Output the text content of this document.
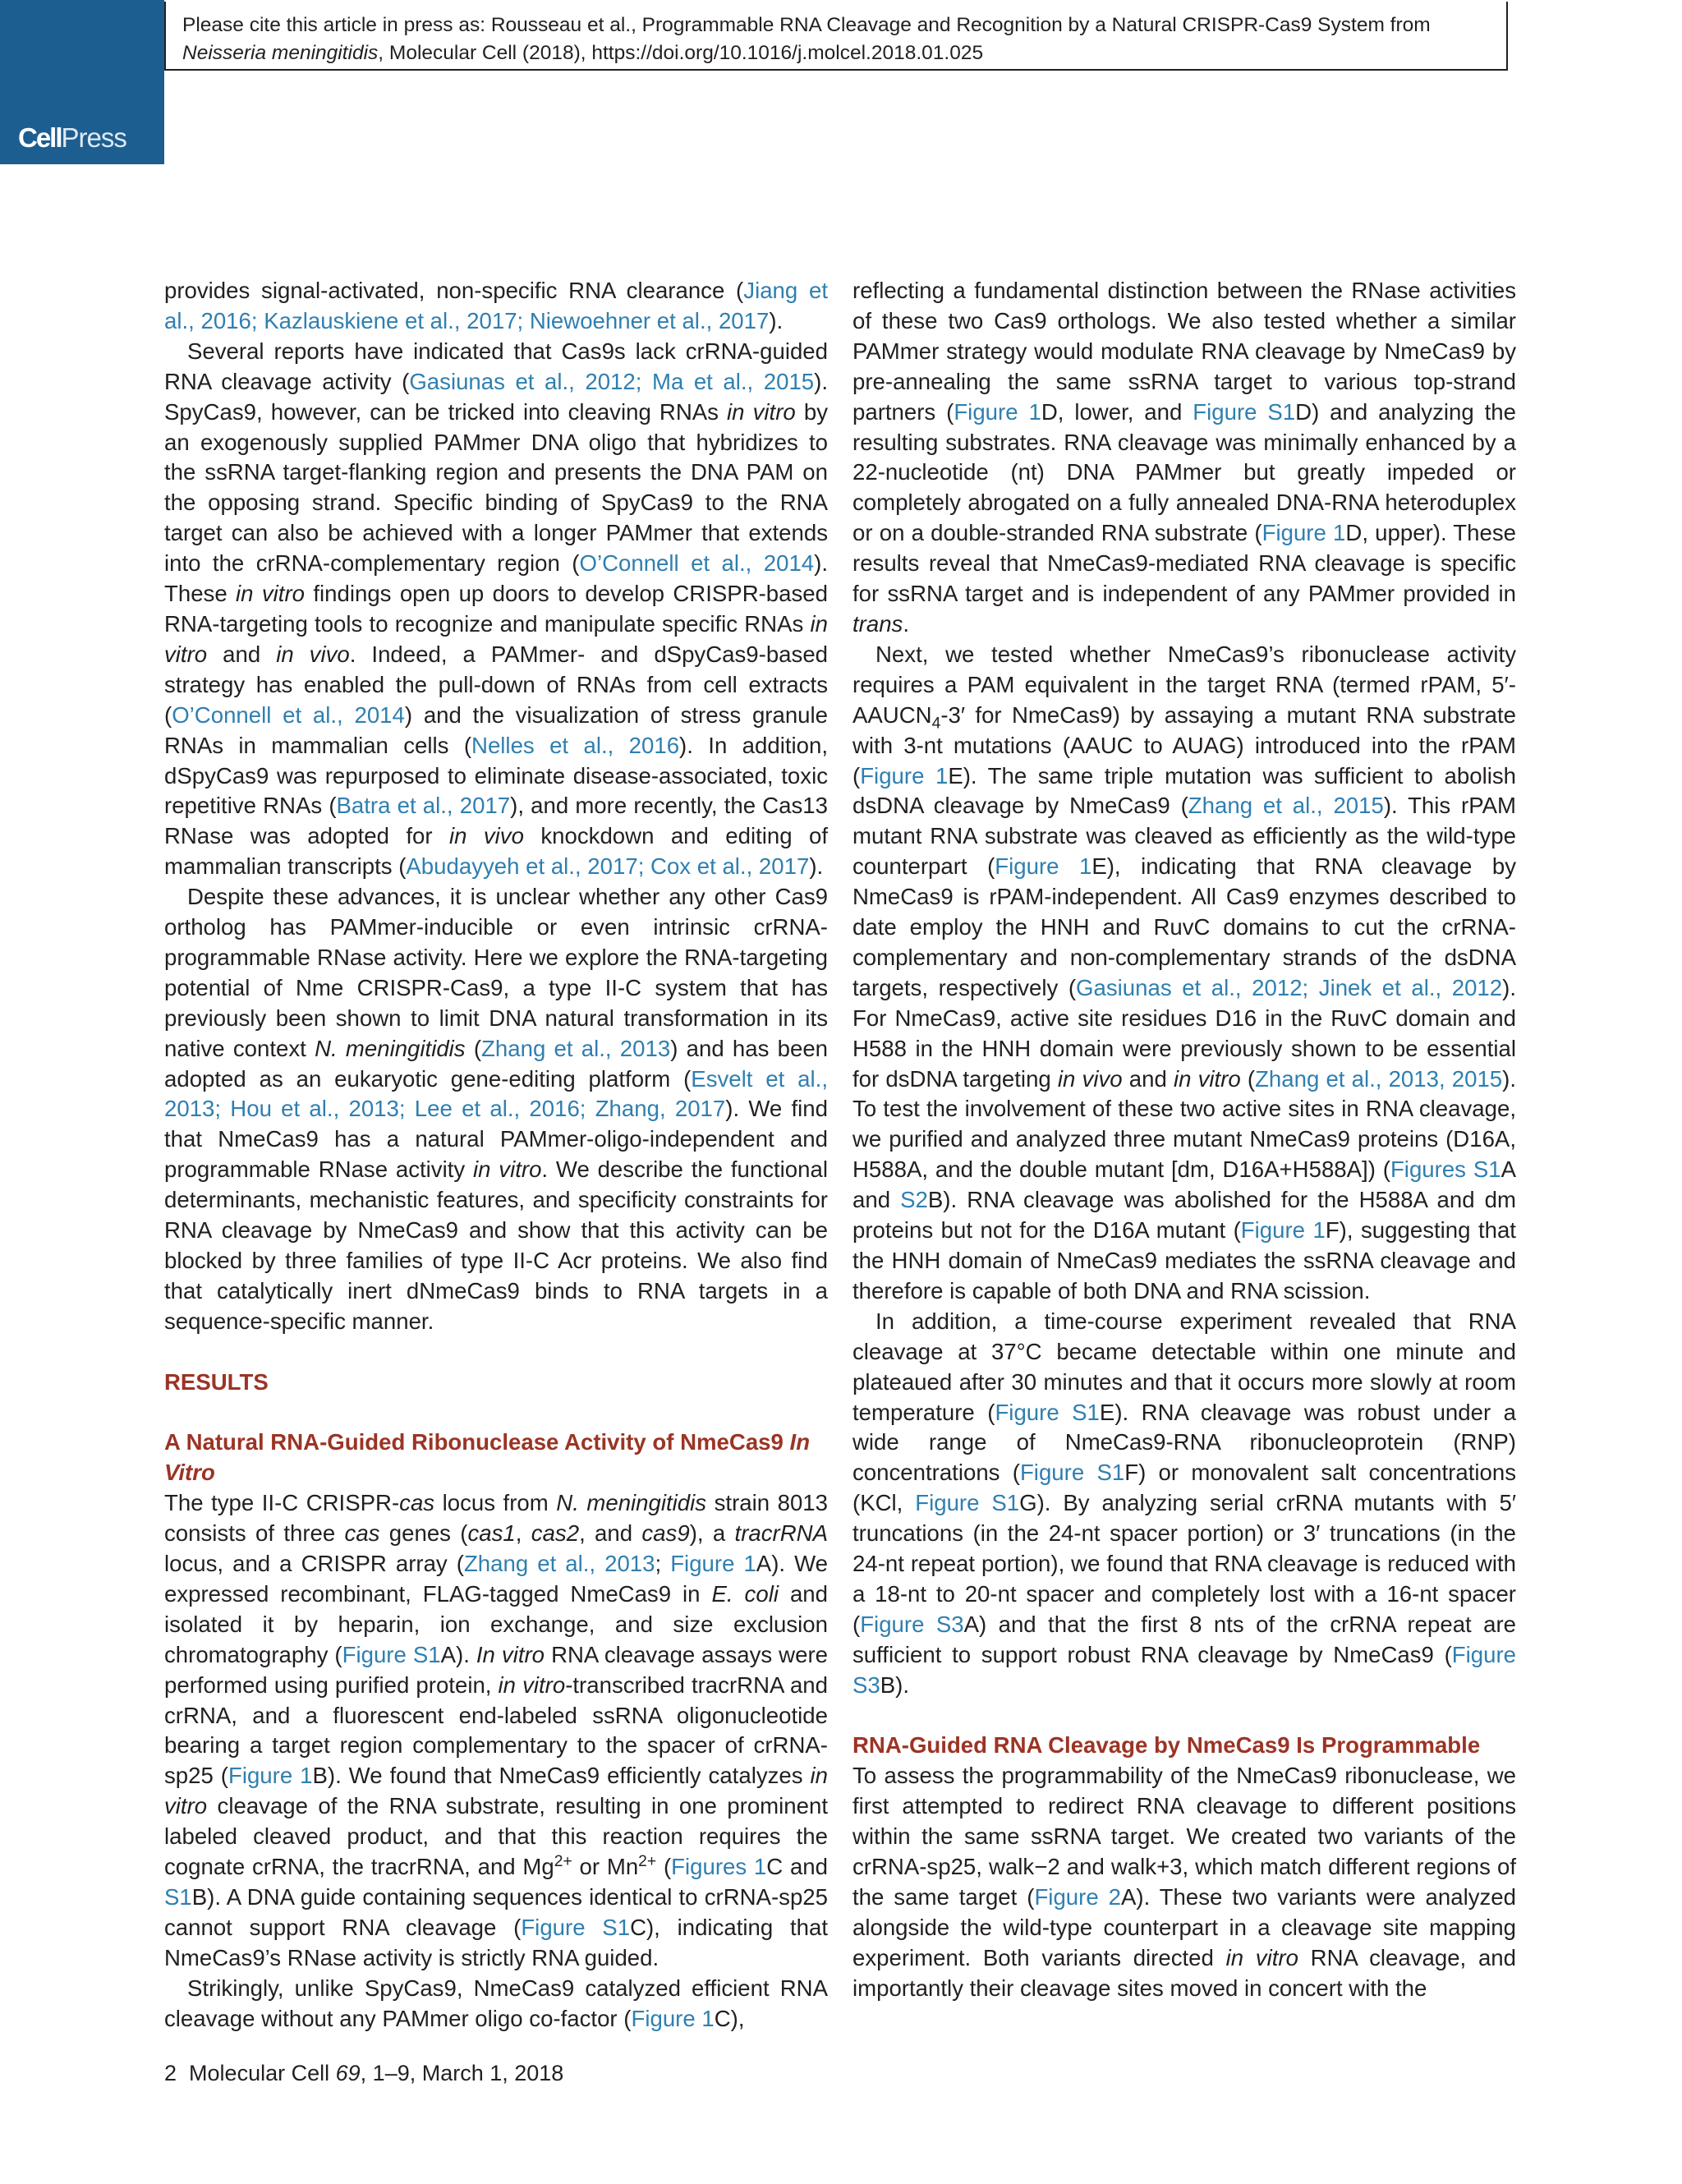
CellPress
Please cite this article in press as: Rousseau et al., Programmable RNA Cleavage and Recognition by a Natural CRISPR-Cas9 System from Neisseria meningitidis, Molecular Cell (2018), https://doi.org/10.1016/j.molcel.2018.01.025

provides signal-activated, non-specific RNA clearance (Jiang et al., 2016; Kazlauskiene et al., 2017; Niewoehner et al., 2017).

Several reports have indicated that Cas9s lack crRNA-guided RNA cleavage activity (Gasiunas et al., 2012; Ma et al., 2015). SpyCas9, however, can be tricked into cleaving RNAs in vitro by an exogenously supplied PAMmer DNA oligo that hybridizes to the ssRNA target-flanking region and presents the DNA PAM on the opposing strand. Specific binding of SpyCas9 to the RNA target can also be achieved with a longer PAMmer that extends into the crRNA-complementary region (O’Connell et al., 2014). These in vitro findings open up doors to develop CRISPR-based RNA-targeting tools to recognize and manipulate specific RNAs in vitro and in vivo. Indeed, a PAMmer- and dSpyCas9-based strategy has enabled the pull-down of RNAs from cell extracts (O’Connell et al., 2014) and the visualization of stress granule RNAs in mammalian cells (Nelles et al., 2016). In addition, dSpyCas9 was repurposed to eliminate disease-associated, toxic repetitive RNAs (Batra et al., 2017), and more recently, the Cas13 RNase was adopted for in vivo knockdown and editing of mammalian transcripts (Abudayyeh et al., 2017; Cox et al., 2017).

Despite these advances, it is unclear whether any other Cas9 ortholog has PAMmer-inducible or even intrinsic crRNA-programmable RNase activity. Here we explore the RNA-targeting potential of Nme CRISPR-Cas9, a type II-C system that has previously been shown to limit DNA natural transformation in its native context N. meningitidis (Zhang et al., 2013) and has been adopted as an eukaryotic gene-editing platform (Esvelt et al., 2013; Hou et al., 2013; Lee et al., 2016; Zhang, 2017). We find that NmeCas9 has a natural PAMmer-oligo-independent and programmable RNase activity in vitro. We describe the functional determinants, mechanistic features, and specificity constraints for RNA cleavage by NmeCas9 and show that this activity can be blocked by three families of type II-C Acr proteins. We also find that catalytically inert dNmeCas9 binds to RNA targets in a sequence-specific manner.

RESULTS
A Natural RNA-Guided Ribonuclease Activity of NmeCas9 In Vitro

The type II-C CRISPR-cas locus from N. meningitidis strain 8013 consists of three cas genes (cas1, cas2, and cas9), a tracrRNA locus, and a CRISPR array (Zhang et al., 2013; Figure 1A). We expressed recombinant, FLAG-tagged NmeCas9 in E. coli and isolated it by heparin, ion exchange, and size exclusion chromatography (Figure S1A). In vitro RNA cleavage assays were performed using purified protein, in vitro-transcribed tracrRNA and crRNA, and a fluorescent end-labeled ssRNA oligonucleotide bearing a target region complementary to the spacer of crRNA-sp25 (Figure 1B). We found that NmeCas9 efficiently catalyzes in vitro cleavage of the RNA substrate, resulting in one prominent labeled cleaved product, and that this reaction requires the cognate crRNA, the tracrRNA, and $Mg^{2+}$ or $Mn^{2+}$ (Figures 1C and S1B). A DNA guide containing sequences identical to crRNA-sp25 cannot support RNA cleavage (Figure S1C), indicating that NmeCas9’s RNase activity is strictly RNA guided.

Strikingly, unlike SpyCas9, NmeCas9 catalyzed efficient RNA cleavage without any PAMmer oligo co-factor (Figure 1C),

reflecting a fundamental distinction between the RNase activities of these two Cas9 orthologs. We also tested whether a similar PAMmer strategy would modulate RNA cleavage by NmeCas9 by pre-annealing the same ssRNA target to various top-strand partners (Figure 1D, lower, and Figure S1D) and analyzing the resulting substrates. RNA cleavage was minimally enhanced by a 22-nucleotide (nt) DNA PAMmer but greatly impeded or completely abrogated on a fully annealed DNA-RNA heteroduplex or on a double-stranded RNA substrate (Figure 1D, upper). These results reveal that NmeCas9-mediated RNA cleavage is specific for ssRNA target and is independent of any PAMmer provided in trans.

Next, we tested whether NmeCas9’s ribonuclease activity requires a PAM equivalent in the target RNA (termed rPAM, $5'-AAUCN_4-3'$ for NmeCas9) by assaying a mutant RNA substrate with 3-nt mutations (AAUC to AUAG) introduced into the rPAM (Figure 1E). The same triple mutation was sufficient to abolish dsDNA cleavage by NmeCas9 (Zhang et al., 2015). This rPAM mutant RNA substrate was cleaved as efficiently as the wild-type counterpart (Figure 1E), indicating that RNA cleavage by NmeCas9 is rPAM-independent. All Cas9 enzymes described to date employ the HNH and RuvC domains to cut the crRNA-complementary and non-complementary strands of the dsDNA targets, respectively (Gasiunas et al., 2012; Jinek et al., 2012). For NmeCas9, active site residues D16 in the RuvC domain and H588 in the HNH domain were previously shown to be essential for dsDNA targeting in vivo and in vitro (Zhang et al., 2013, 2015). To test the involvement of these two active sites in RNA cleavage, we purified and analyzed three mutant NmeCas9 proteins (D16A, H588A, and the double mutant [dm, D16A+H588A]) (Figures S1A and S2B). RNA cleavage was abolished for the H588A and dm proteins but not for the D16A mutant (Figure 1F), suggesting that the HNH domain of NmeCas9 mediates the ssRNA cleavage and therefore is capable of both DNA and RNA scission.

In addition, a time-course experiment revealed that RNA cleavage at 37°C became detectable within one minute and plateaued after 30 minutes and that it occurs more slowly at room temperature (Figure S1E). RNA cleavage was robust under a wide range of NmeCas9-RNA ribonucleoprotein (RNP) concentrations (Figure S1F) or monovalent salt concentrations (KCl, Figure S1G). By analyzing serial crRNA mutants with 5′ truncations (in the 24-nt spacer portion) or 3′ truncations (in the 24-nt repeat portion), we found that RNA cleavage is reduced with a 18-nt to 20-nt spacer and completely lost with a 16-nt spacer (Figure S3A) and that the first 8 nts of the crRNA repeat are sufficient to support robust RNA cleavage by NmeCas9 (Figure S3B).

RNA-Guided RNA Cleavage by NmeCas9 Is Programmable

To assess the programmability of the NmeCas9 ribonuclease, we first attempted to redirect RNA cleavage to different positions within the same ssRNA target. We created two variants of the crRNA-sp25, walk−2 and walk+3, which match different regions of the same target (Figure 2A). These two variants were analyzed alongside the wild-type counterpart in a cleavage site mapping experiment. Both variants directed in vitro RNA cleavage, and importantly their cleavage sites moved in concert with the

2 Molecular Cell 69, 1–9, March 1, 2018
